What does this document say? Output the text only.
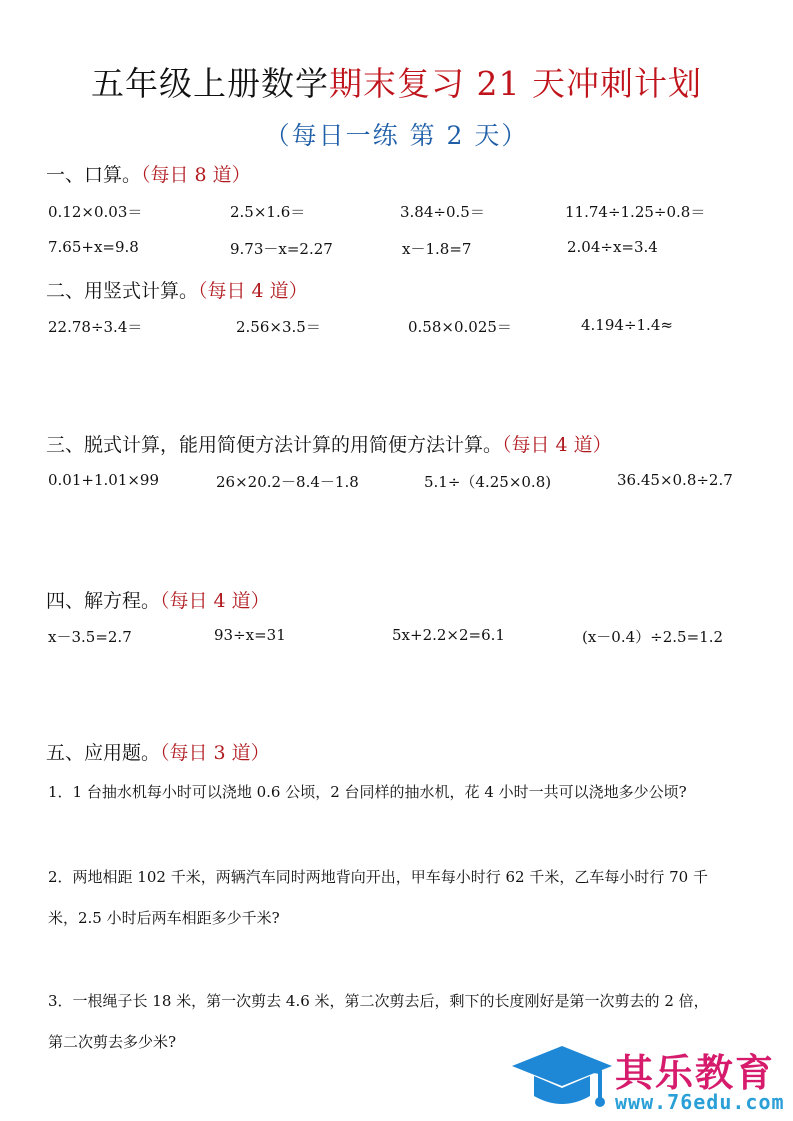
五年级上册数学期末复习 21 天冲刺计划
（每日一练 第 2 天）
一、口算。（每日 8 道）
0.12×0.03＝	2.5×1.6＝	3.84÷0.5＝	11.74÷1.25÷0.8＝
7.65+x=9.8	9.73－x=2.27	x－1.8=7	2.04÷x=3.4
二、用竖式计算。（每日 4 道）
22.78÷3.4＝	2.56×3.5＝	0.58×0.025＝	4.194÷1.4≈
三、脱式计算，能用简便方法计算的用简便方法计算。（每日 4 道）
0.01+1.01×99	26×20.2－8.4－1.8	5.1÷（4.25×0.8)	36.45×0.8÷2.7
四、解方程。（每日 4 道）
x－3.5=2.7	93÷x=31	5x+2.2×2=6.1	(x－0.4）÷2.5=1.2
五、应用题。（每日 3 道）
1．1 台抽水机每小时可以浇地 0.6 公顷，2 台同样的抽水机，花 4 小时一共可以浇地多少公顷?
2．两地相距 102 千米，两辆汽车同时两地背向开出，甲车每小时行 62 千米，乙车每小时行 70 千
米，2.5 小时后两车相距多少千米?
3．一根绳子长 18 米，第一次剪去 4.6 米，第二次剪去后，剩下的长度刚好是第一次剪去的 2 倍，
第二次剪去多少米?
其乐教育
www.76edu.com
